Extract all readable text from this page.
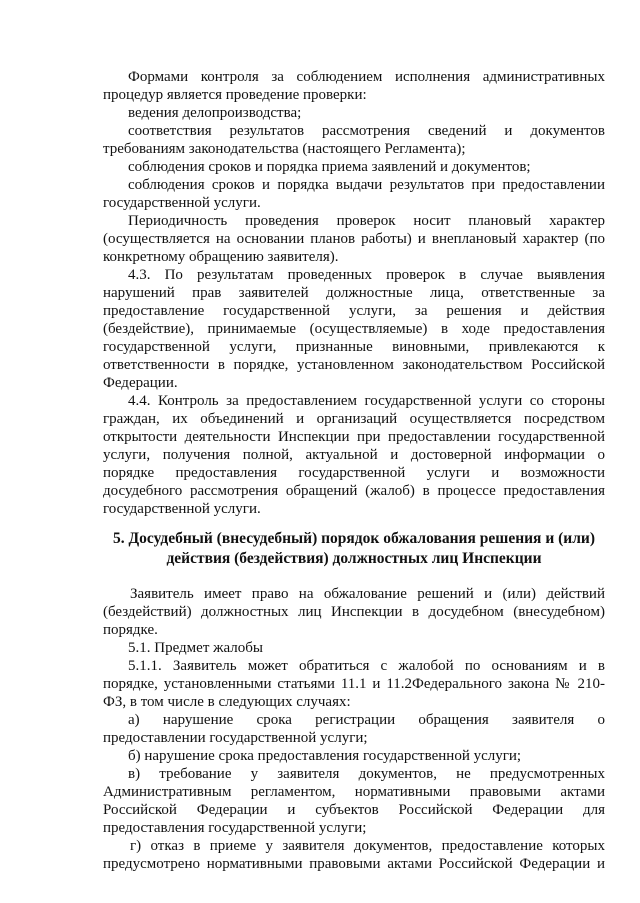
Формами контроля за соблюдением исполнения административных
процедур является проведение проверки:
ведения делопроизводства;
соответствия результатов рассмотрения сведений и документов
требованиям законодательства (настоящего Регламента);
соблюдения сроков и порядка приема заявлений и документов;
соблюдения сроков и порядка выдачи результатов при предоставлении
государственной услуги.
Периодичность проведения проверок носит плановый характер
(осуществляется на основании планов работы) и внеплановый характер (по
конкретному обращению заявителя).
4.3. По результатам проведенных проверок в случае выявления
нарушений прав заявителей должностные лица, ответственные за
предоставление государственной услуги, за решения и действия
(бездействие), принимаемые (осуществляемые) в ходе предоставления
государственной услуги, признанные виновными, привлекаются к
ответственности в порядке, установленном законодательством Российской
Федерации.
4.4. Контроль за предоставлением государственной услуги со стороны
граждан, их объединений и организаций осуществляется посредством
открытости деятельности Инспекции при предоставлении государственной
услуги, получения полной, актуальной и достоверной информации о
порядке предоставления государственной услуги и возможности
досудебного рассмотрения обращений (жалоб) в процессе предоставления
государственной услуги.
5. Досудебный (внесудебный) порядок обжалования решения и (или)
действия (бездействия) должностных лиц Инспекции
Заявитель имеет право на обжалование решений и (или) действий
(бездействий) должностных лиц Инспекции в досудебном (внесудебном)
порядке.
5.1. Предмет жалобы
5.1.1. Заявитель может обратиться с жалобой по основаниям и в
порядке, установленными статьями 11.1 и 11.2Федерального закона № 210-
ФЗ, в том числе в следующих случаях:
а) нарушение срока регистрации обращения заявителя о
предоставлении государственной услуги;
б) нарушение срока предоставления государственной услуги;
в) требование у заявителя документов, не предусмотренных
Административным регламентом, нормативными правовыми актами
Российской Федерации и субъектов Российской Федерации для
предоставления государственной услуги;
г) отказ в приеме у заявителя документов, предоставление которых
предусмотрено нормативными правовыми актами Российской Федерации и
